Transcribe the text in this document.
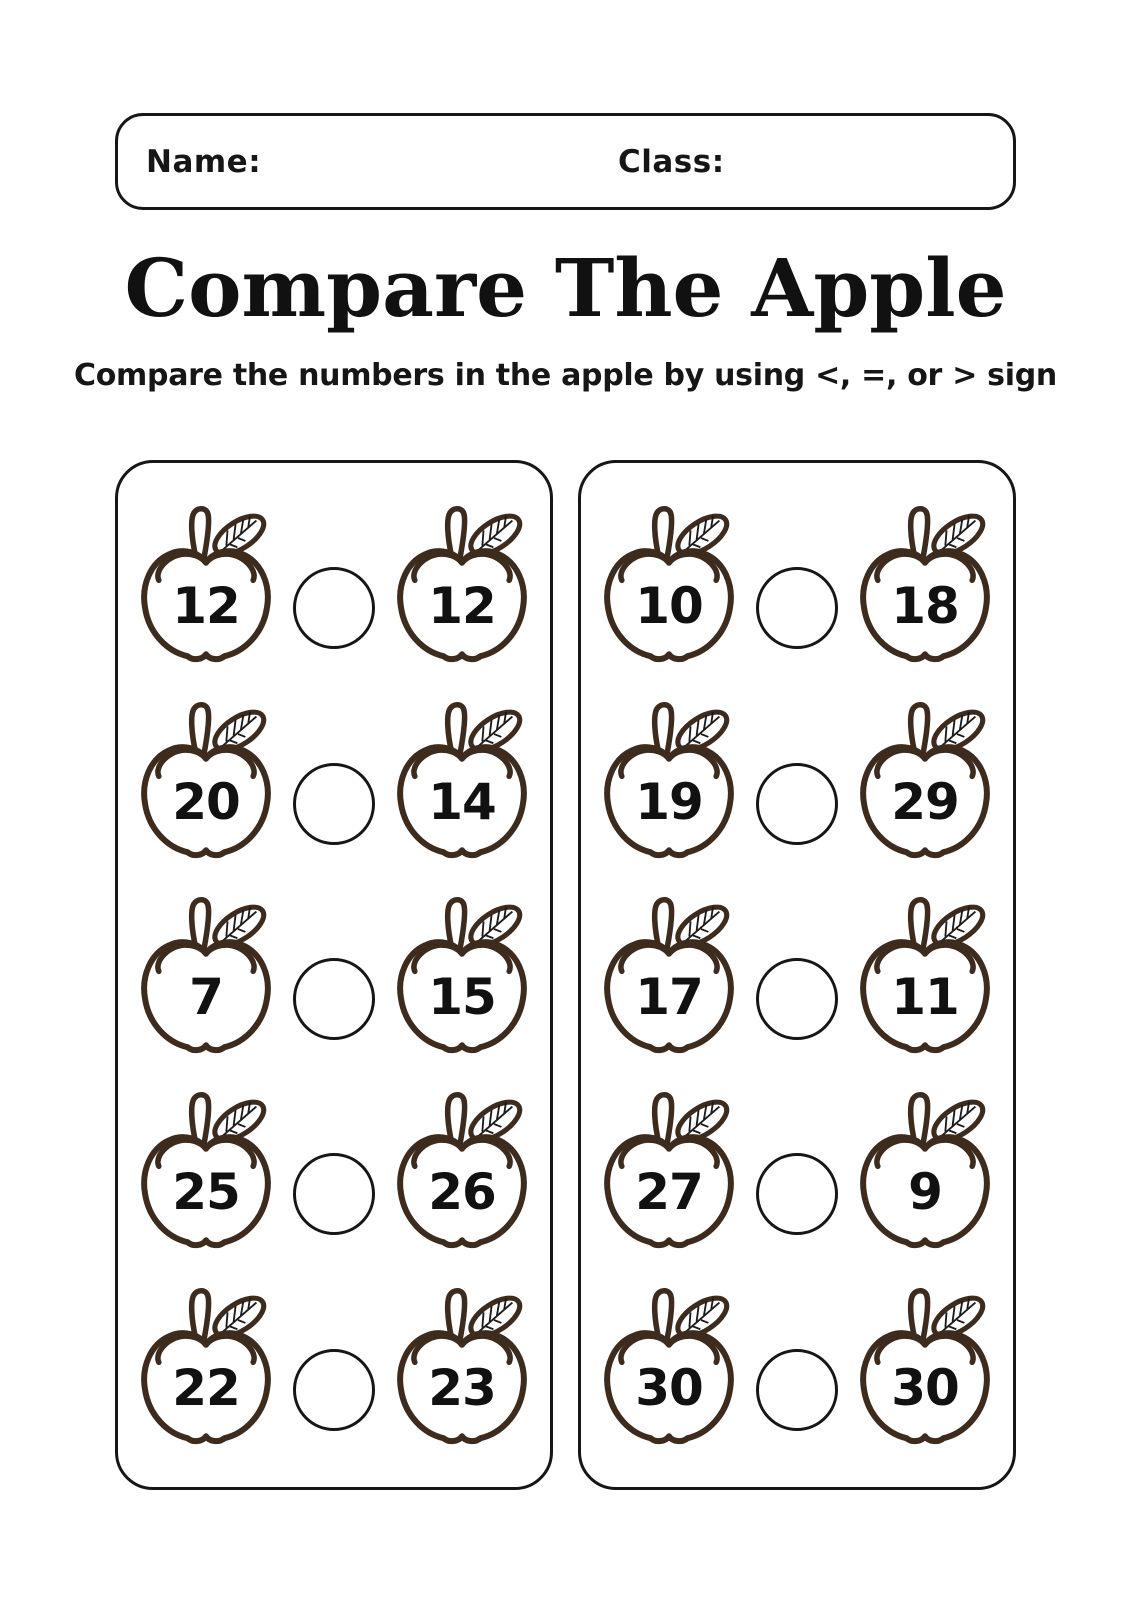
Name:	Class:
Compare The Apple

Compare the numbers in the apple by using <, =, or > sign

12	12
20	14
7	15
25	26
22	23
10	18
19	29
17	11
27	9
30	30
